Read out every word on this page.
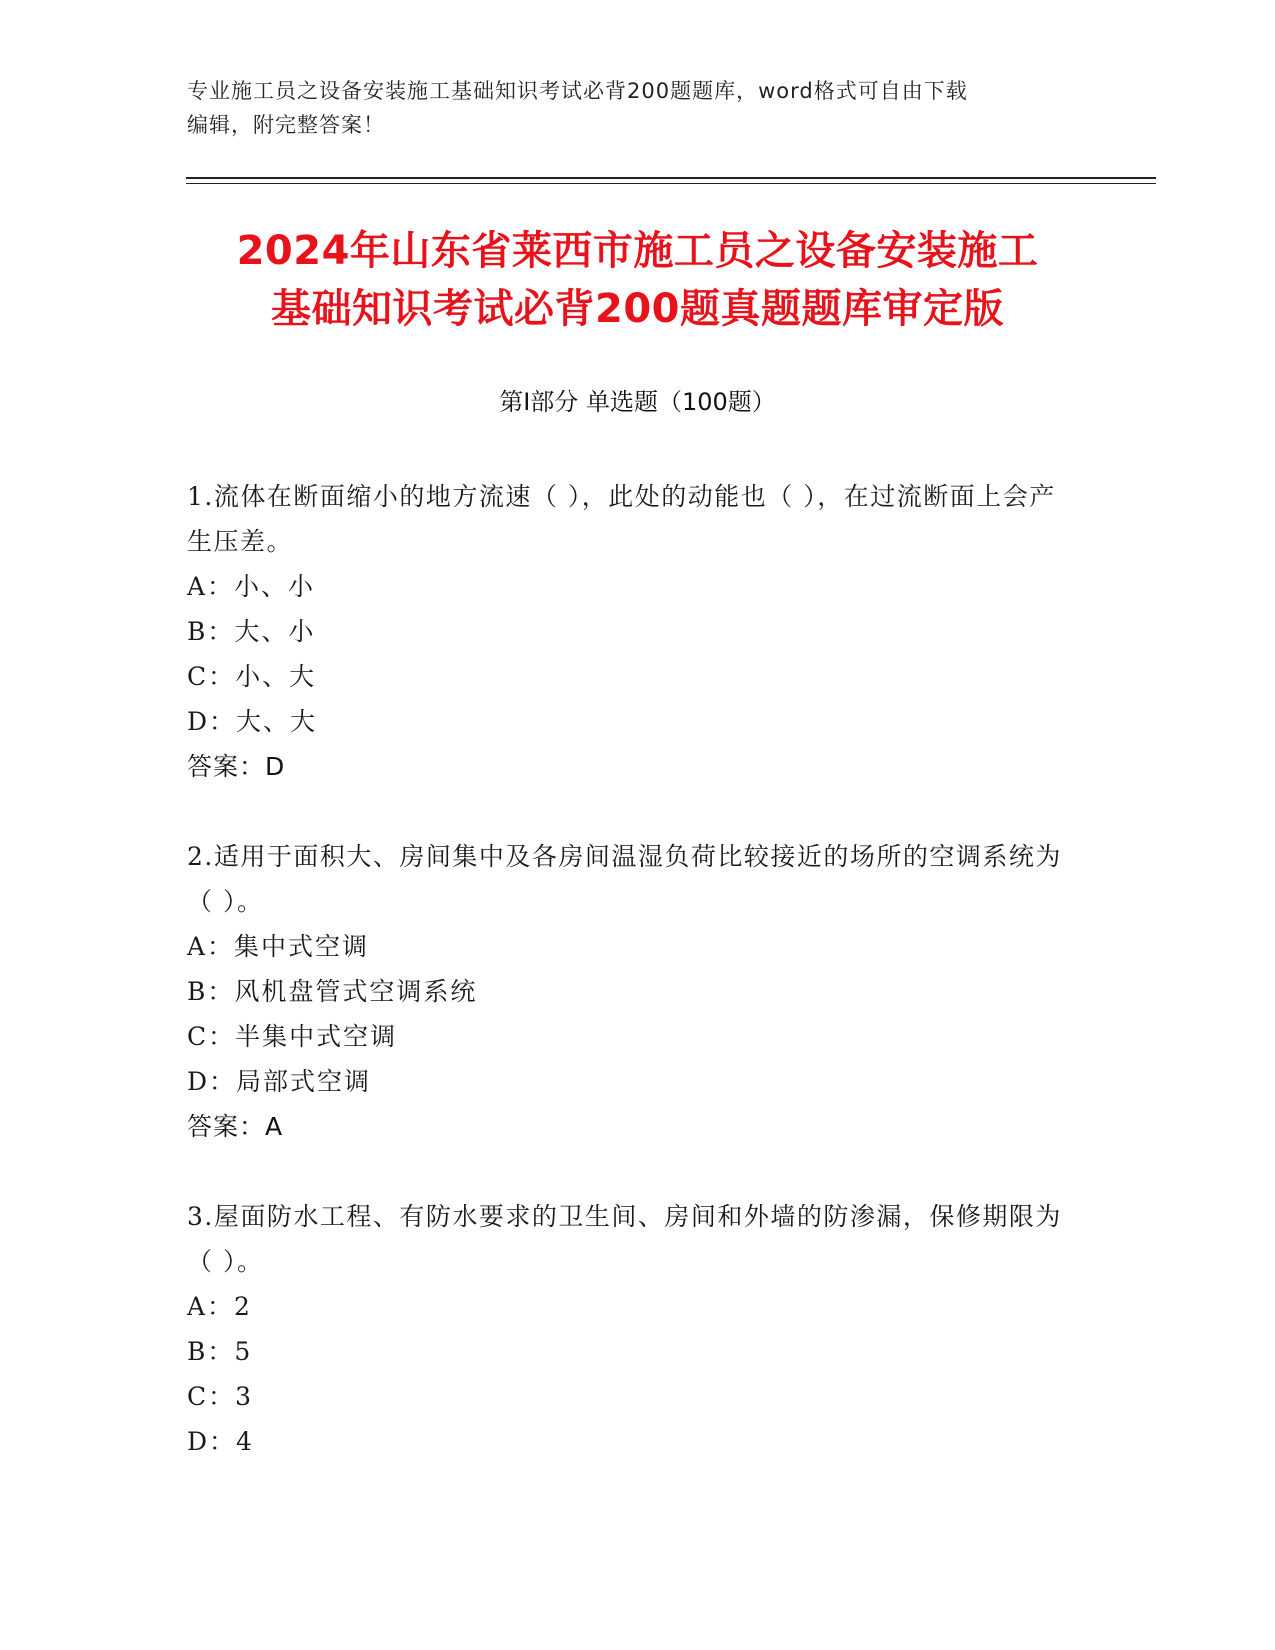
专业施工员之设备安装施工基础知识考试必背200题题库，word格式可自由下载
编辑，附完整答案！
2024年山东省莱西市施工员之设备安装施工
基础知识考试必背200题真题题库审定版
第Ⅰ部分 单选题（100题）
1.流体在断面缩小的地方流速（ ），此处的动能也（ ），在过流断面上会产生压差。
A：小、小
B：大、小
C：小、大
D：大、大
答案：D
2.适用于面积大、房间集中及各房间温湿负荷比较接近的场所的空调系统为（ ）。
A：集中式空调
B：风机盘管式空调系统
C：半集中式空调
D：局部式空调
答案：A
3.屋面防水工程、有防水要求的卫生间、房间和外墙的防渗漏，保修期限为（ ）。
A：2
B：5
C：3
D：4
